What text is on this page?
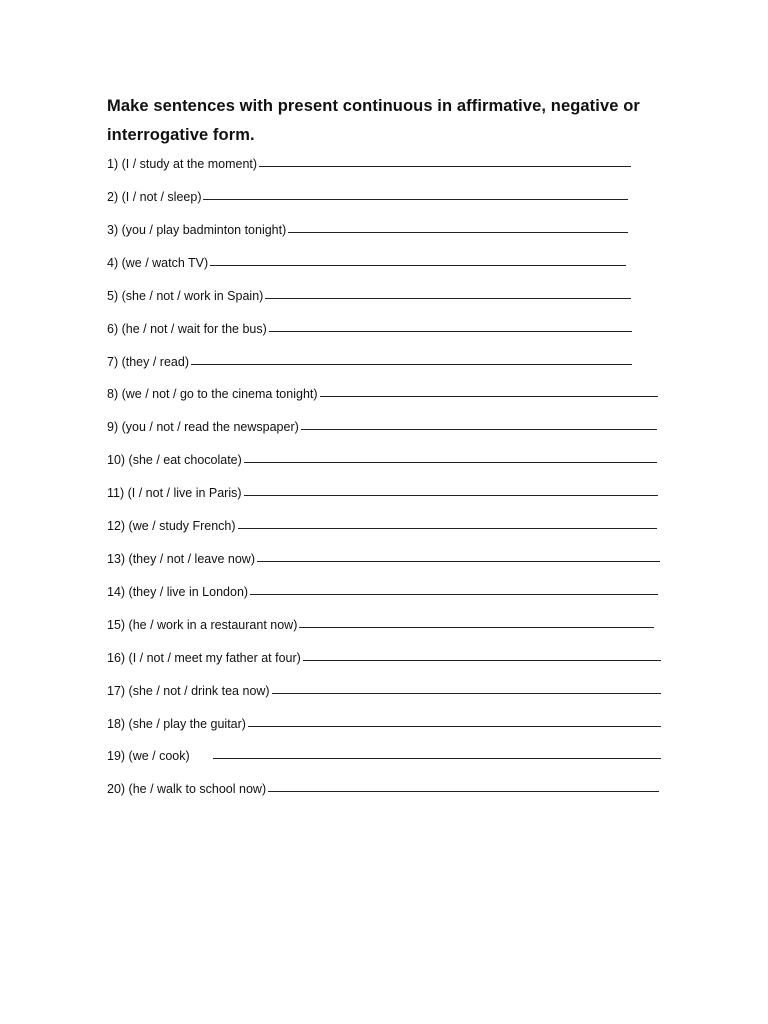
Make sentences with present continuous in affirmative, negative or interrogative form.

1) (I / study at the moment)
2) (I / not / sleep)
3) (you / play badminton tonight)
4) (we / watch TV)
5) (she / not / work in Spain)
6) (he / not / wait for the bus)
7) (they / read)
8) (we / not / go to the cinema tonight)
9) (you / not / read the newspaper)
10) (she / eat chocolate)
11) (I / not / live in Paris)
12) (we / study French)
13) (they / not / leave now)
14) (they / live in London)
15) (he / work in a restaurant now)
16) (I / not / meet my father at four)
17) (she / not / drink tea now)
18) (she / play the guitar)
19) (we / cook)
20) (he / walk to school now)
